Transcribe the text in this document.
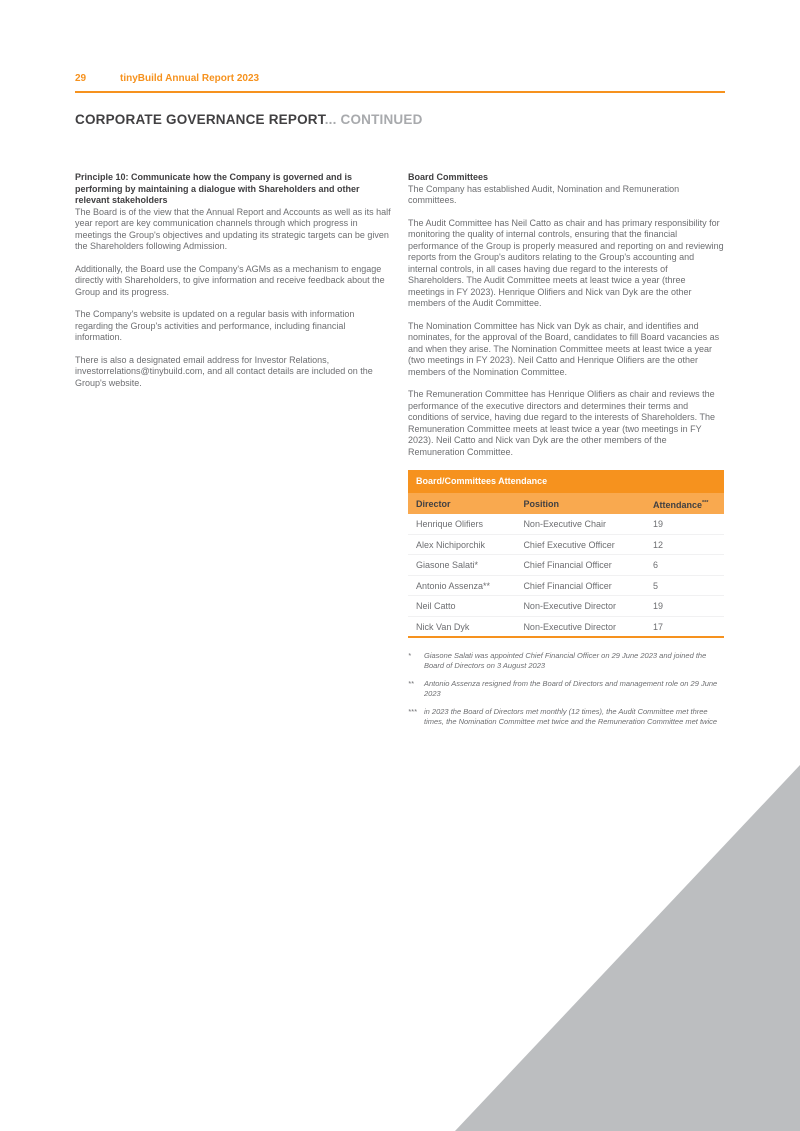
29	tinyBuild Annual Report 2023
CORPORATE GOVERNANCE REPORT... CONTINUED
Principle 10: Communicate how the Company is governed and is performing by maintaining a dialogue with Shareholders and other relevant stakeholders

The Board is of the view that the Annual Report and Accounts as well as its half year report are key communication channels through which progress in meetings the Group's objectives and updating its strategic targets can be given the Shareholders following Admission.

Additionally, the Board use the Company's AGMs as a mechanism to engage directly with Shareholders, to give information and receive feedback about the Group and its progress.

The Company's website is updated on a regular basis with information regarding the Group's activities and performance, including financial information.

There is also a designated email address for Investor Relations, investorrelations@tinybuild.com, and all contact details are included on the Group's website.

Board Committees

The Company has established Audit, Nomination and Remuneration committees.

The Audit Committee has Neil Catto as chair and has primary responsibility for monitoring the quality of internal controls, ensuring that the financial performance of the Group is properly measured and reporting on and reviewing reports from the Group's auditors relating to the Group's accounting and internal controls, in all cases having due regard to the interests of Shareholders. The Audit Committee meets at least twice a year (three meetings in FY 2023). Henrique Olifiers and Nick van Dyk are the other members of the Audit Committee.

The Nomination Committee has Nick van Dyk as chair, and identifies and nominates, for the approval of the Board, candidates to fill Board vacancies as and when they arise. The Nomination Committee meets at least twice a year (two meetings in FY 2023). Neil Catto and Henrique Olifiers are the other members of the Nomination Committee.

The Remuneration Committee has Henrique Olifiers as chair and reviews the performance of the executive directors and determines their terms and conditions of service, having due regard to the interests of Shareholders. The Remuneration Committee meets at least twice a year (two meetings in FY 2023). Neil Catto and Nick van Dyk are the other members of the Remuneration Committee.

Board/Committees Attendance
Director	Position	Attendance***
Henrique Olifiers	Non-Executive Chair	19
Alex Nichiporchik	Chief Executive Officer	12
Giasone Salati*	Chief Financial Officer	6
Antonio Assenza**	Chief Financial Officer	5
Neil Catto	Non-Executive Director	19
Nick Van Dyk	Non-Executive Director	17
*	Giasone Salati was appointed Chief Financial Officer on 29 June 2023 and joined the Board of Directors on 3 August 2023
**	Antonio Assenza resigned from the Board of Directors and management role on 29 June 2023
*** in 2023 the Board of Directors met monthly (12 times), the Audit Committee met three times, the Nomination Committee met twice and the Remuneration Committee met twice
